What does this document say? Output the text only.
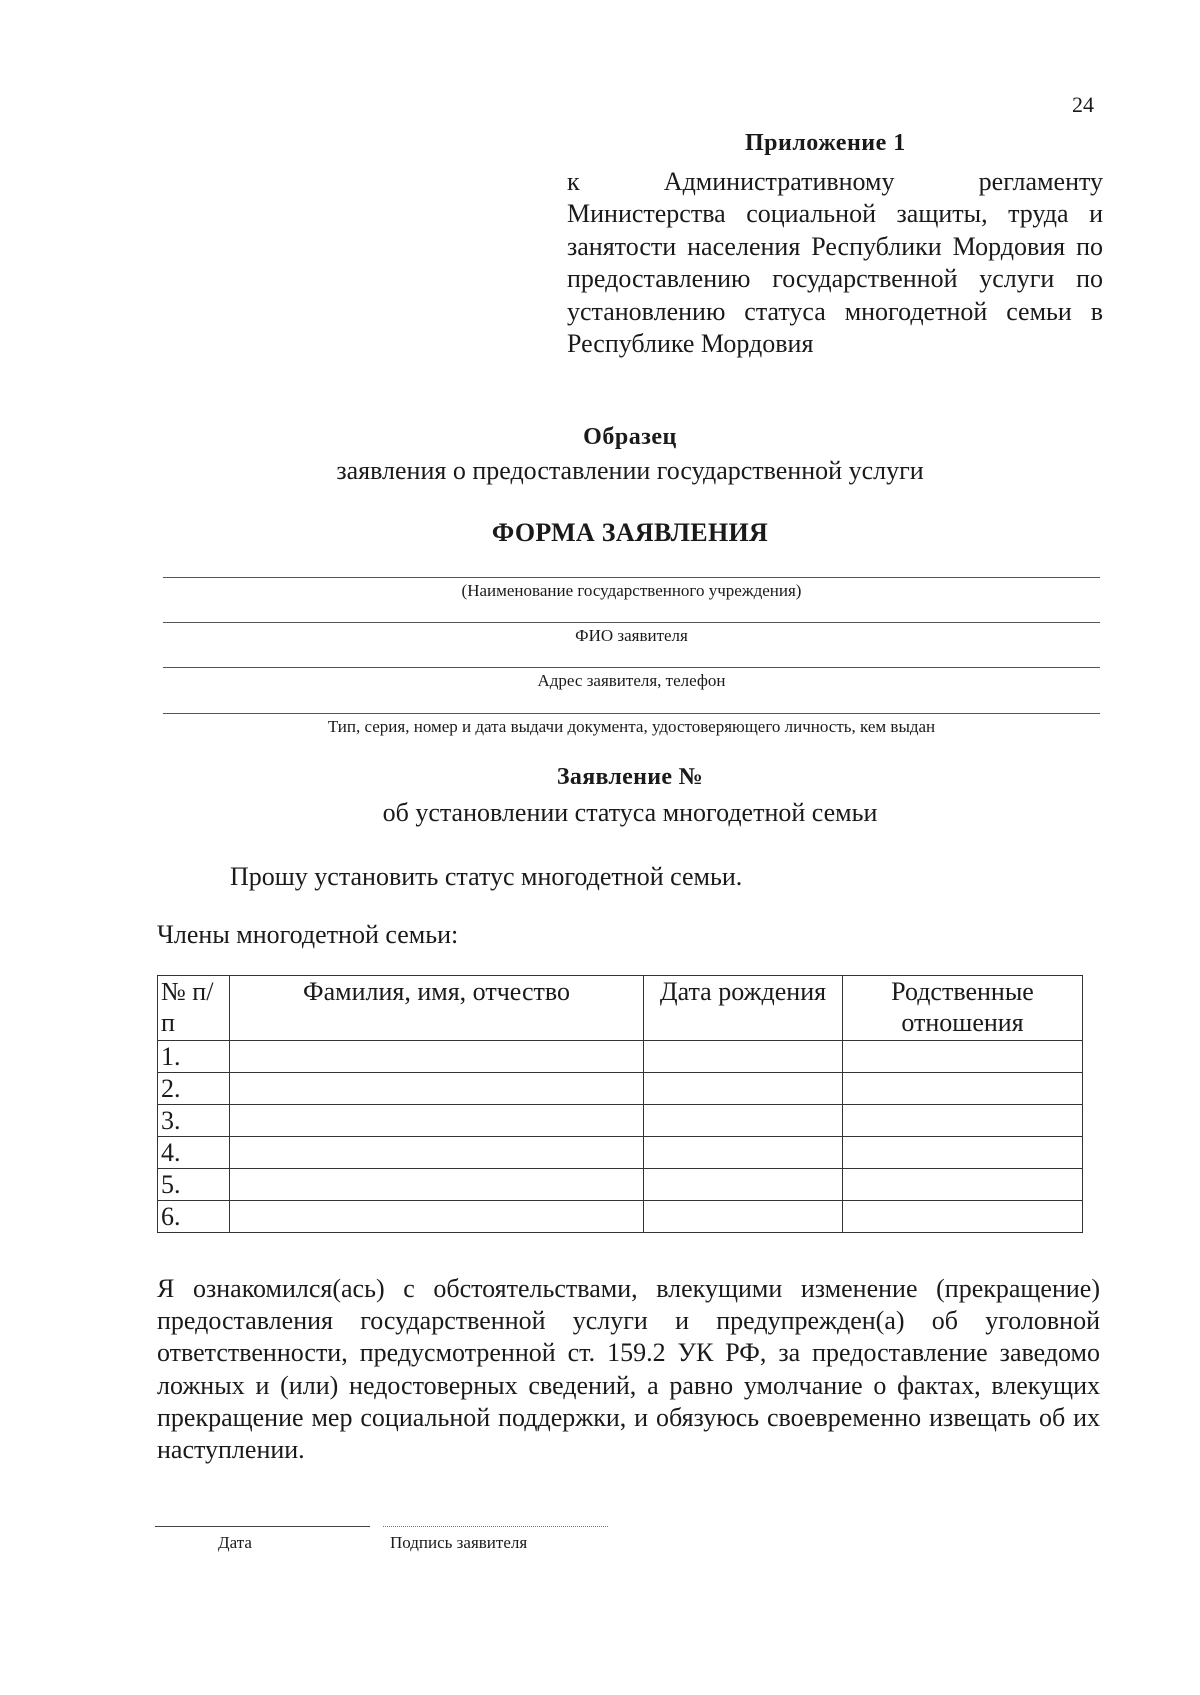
24
Приложение 1
к Административному регламенту Министерства социальной защиты, труда и занятости населения Республики Мордовия по предоставлению государственной услуги по установлению статуса многодетной семьи в Республике Мордовия
Образец
заявления о предоставлении государственной услуги
ФОРМА ЗАЯВЛЕНИЯ
(Наименование государственного учреждения)
ФИО заявителя
Адрес заявителя, телефон
Тип, серия, номер и дата выдачи документа, удостоверяющего личность, кем выдан
Заявление №
об установлении статуса многодетной семьи
Прошу установить статус многодетной семьи.
Члены многодетной семьи:
№ п/п	Фамилия, имя, отчество	Дата рождения	Родственные отношения
1.			
2.			
3.			
4.			
5.			
6.			
Я ознакомился(ась) с обстоятельствами, влекущими изменение (прекращение) предоставления государственной услуги и предупрежден(а) об уголовной ответственности, предусмотренной ст. 159.2 УК РФ, за предоставление заведомо ложных и (или) недостоверных сведений, а равно умолчание о фактах, влекущих прекращение мер социальной поддержки, и обязуюсь своевременно извещать об их наступлении.
Дата	Подпись заявителя
